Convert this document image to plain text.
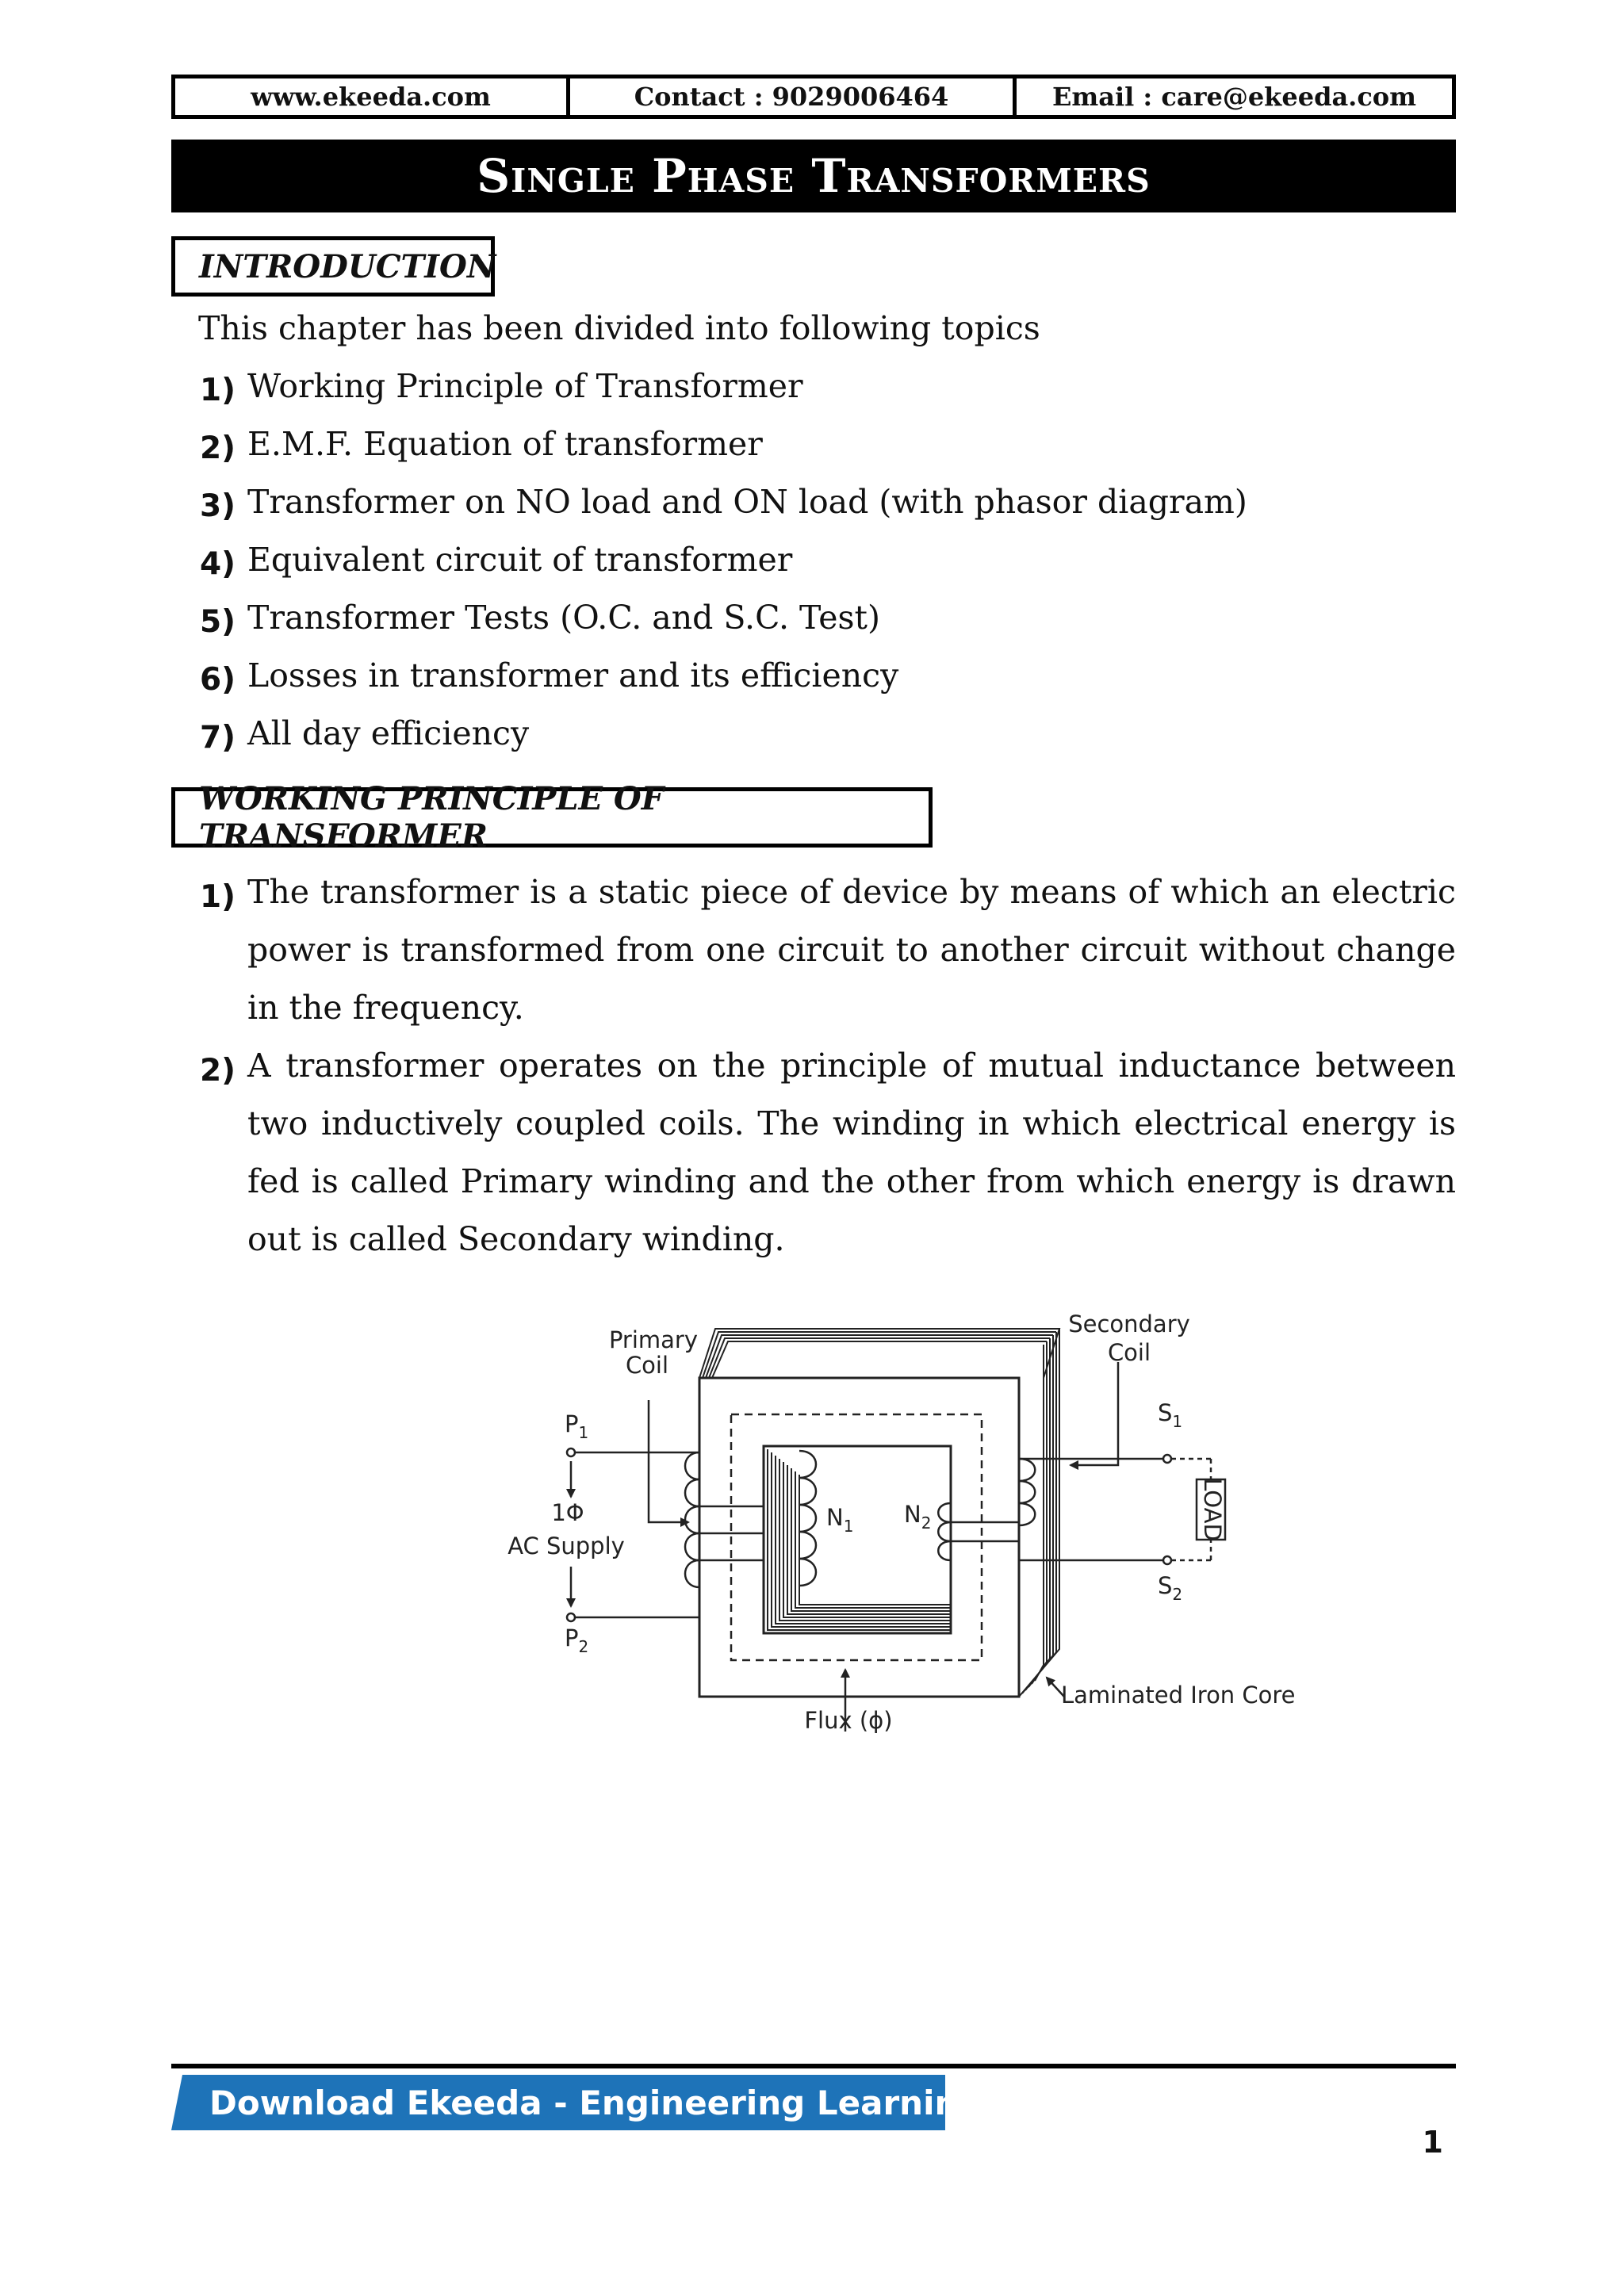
www.ekeeda.com	Contact : 9029006464	Email : care@ekeeda.com
Single Phase Transformers
INTRODUCTION
This chapter has been divided into following topics
1) Working Principle of Transformer
2) E.M.F. Equation of transformer
3) Transformer on NO load and ON load (with phasor diagram)
4) Equivalent circuit of transformer
5) Transformer Tests (O.C. and S.C. Test)
6) Losses in transformer and its efficiency
7) All day efficiency
WORKING PRINCIPLE OF TRANSFORMER
1) The transformer is a static piece of device by means of which an electric power is transformed from one circuit to another circuit without change in the frequency.
2) A transformer operates on the principle of mutual inductance between two inductively coupled coils. The winding in which electrical energy is fed is called Primary winding and the other from which energy is drawn out is called Secondary winding.
Primary
Coil
Secondary
Coil
$P_1$
$P_2$
$S_1$
$S_2$
1Φ
AC Supply
$N_1$ $N_2$	LOAD
Laminated Iron Core
Flux (ϕ)
Download Ekeeda - Engineering Learning App
1
